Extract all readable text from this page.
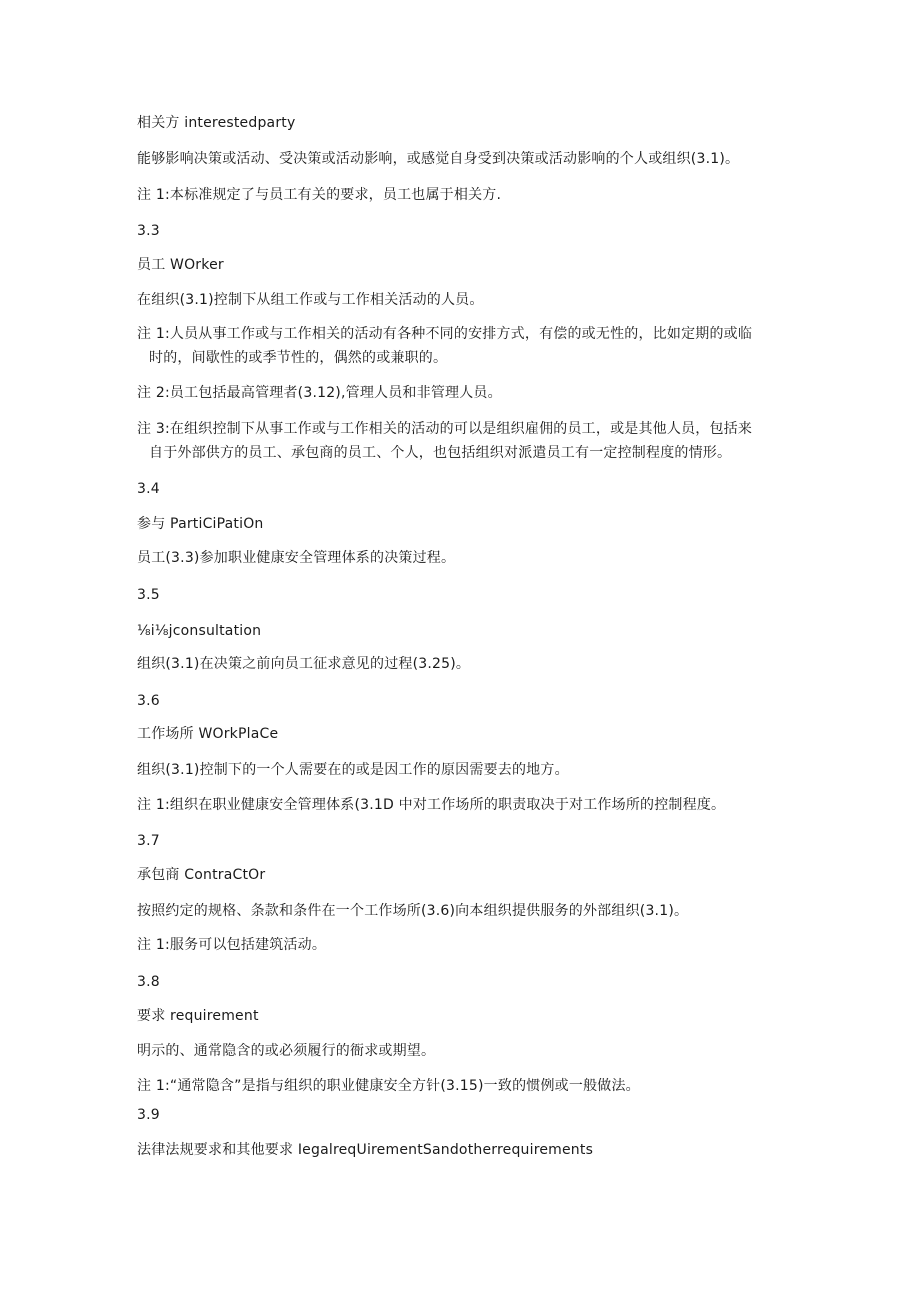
相关方 interestedparty
能够影响决策或活动、受决策或活动影响，或感觉自身受到决策或活动影响的个人或组织(3.1)。
注 1:本标准规定了与员工有关的要求，员工也属于相关方.
3.3
员工 WOrker
在组织(3.1)控制下从组工作或与工作相关活动的人员。
注 1:人员从事工作或与工作相关的活动有各种不同的安排方式，有偿的或无性的，比如定期的或临
时的，间歇性的或季节性的，偶然的或兼职的。
注 2:员工包括最高管理者(3.12),管理人员和非管理人员。
注 3:在组织控制下从事工作或与工作相关的活动的可以是组织雇佣的员工，或是其他人员，包括来
自于外部供方的员工、承包商的员工、个人，也包括组织对派遣员工有一定控制程度的情形。
3.4
参与 PartiCiPatiOn
员工(3.3)参加职业健康安全管理体系的决策过程。
3.5
⅛i⅛jconsultation
组织(3.1)在决策之前向员工征求意见的过程(3.25)。
3.6
工作场所 WOrkPlaCe
组织(3.1)控制下的一个人需要在的或是因工作的原因需要去的地方。
注 1:组织在职业健康安全管理体系(3.1D 中对工作场所的职责取决于对工作场所的控制程度。
3.7
承包商 ContraCtOr
按照约定的规格、条款和条件在一个工作场所(3.6)向本组织提供服务的外部组织(3.1)。
注 1:服务可以包括建筑活动。
3.8
要求 requirement
明示的、通常隐含的或必须履行的衙求或期望。
注 1:“通常隐含”是指与组织的职业健康安全方针(3.15)一致的惯例或一般做法。
3.9
法律法规要求和其他要求 IegalreqUirementSandotherrequirements
